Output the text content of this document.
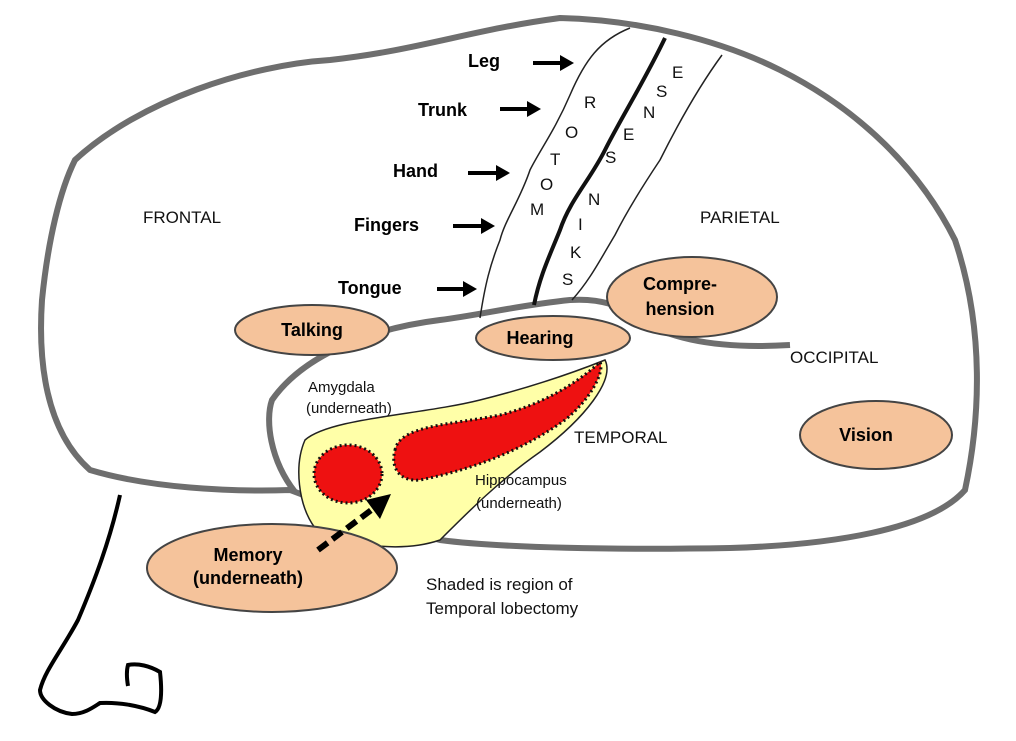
R
O
T
O
M
E
S
N
E
S
N
I
K
S
Leg
Trunk
Hand
Fingers
Tongue
FRONTAL	PARIETAL
OCCIPITAL
TEMPORAL
Talking	Hearing
Compre-
hension
Vision
Memory
(underneath)
Amygdala
(underneath)
Hippocampus
(underneath)
Shaded is region of
Temporal lobectomy
